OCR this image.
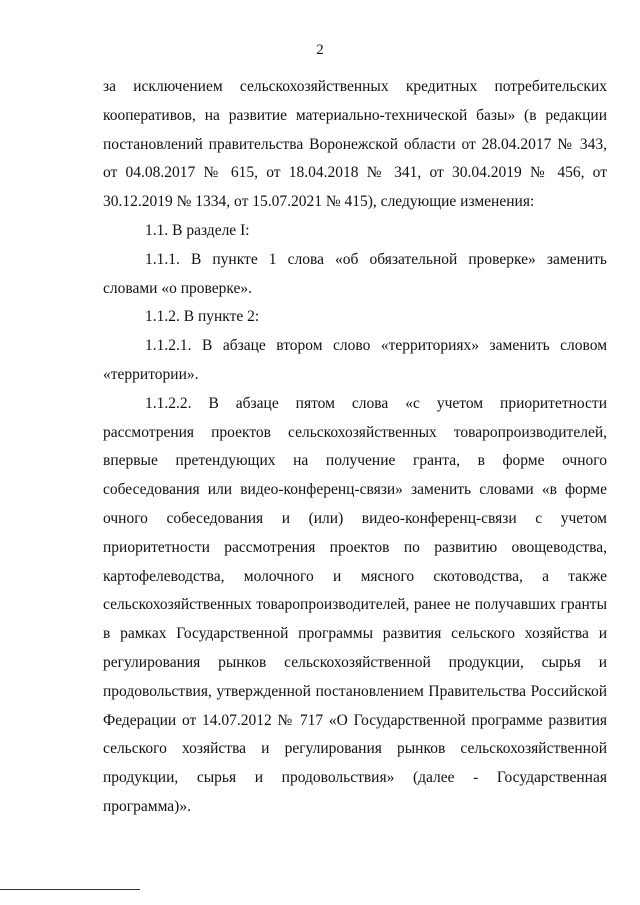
2

за исключением сельскохозяйственных кредитных потребительских кооперативов, на развитие материально-технической базы» (в редакции постановлений правительства Воронежской области от 28.04.2017 № 343, от 04.08.2017 № 615, от 18.04.2018 № 341, от 30.04.2019 № 456, от 30.12.2019 № 1334, от 15.07.2021 № 415), следующие изменения:

1.1. В разделе I:

1.1.1. В пункте 1 слова «об обязательной проверке» заменить словами «о проверке».

1.1.2. В пункте 2:

1.1.2.1. В абзаце втором слово «территориях» заменить словом «территории».

1.1.2.2. В абзаце пятом слова «с учетом приоритетности рассмотрения проектов сельскохозяйственных товаропроизводителей, впервые претендующих на получение гранта, в форме очного собеседования или видео-конференц-связи» заменить словами «в форме очного собеседования и (или) видео-конференц-связи с учетом приоритетности рассмотрения проектов по развитию овощеводства, картофелеводства, молочного и мясного скотоводства, а также сельскохозяйственных товаропроизводителей, ранее не получавших гранты в рамках Государственной программы развития сельского хозяйства и регулирования рынков сельскохозяйственной продукции, сырья и продовольствия, утвержденной постановлением Правительства Российской Федерации от 14.07.2012 № 717 «О Государственной программе развития сельского хозяйства и регулирования рынков сельскохозяйственной продукции, сырья и продовольствия» (далее - Государственная программа)».
